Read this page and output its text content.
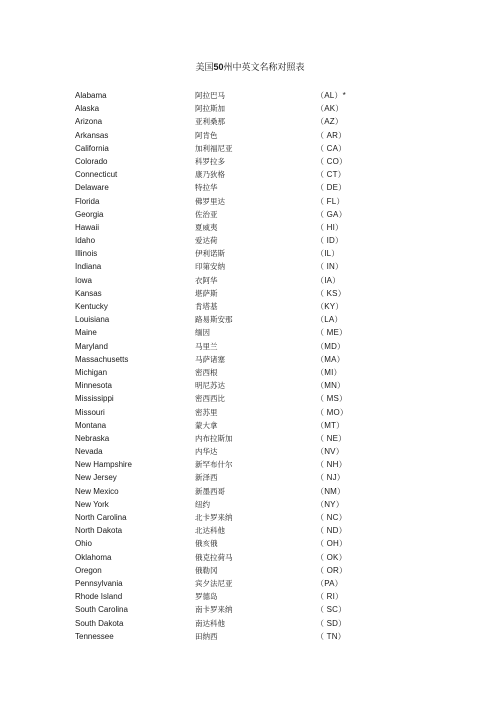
美国50州中英文名称对照表
Alabama	阿拉巴马	（AL）*
Alaska	阿拉斯加	（AK）
Arizona	亚利桑那	（AZ）
Arkansas	阿肯色	（ AR）
California	加利福尼亚	（ CA）
Colorado	科罗拉多	（ CO）
Connecticut	康乃狄格	（ CT）
Delaware	特拉华	（ DE）
Florida	佛罗里达	（ FL）
Georgia	佐治亚	（ GA）
Hawaii	夏威夷	（ HI）
Idaho	爱达荷	（ ID）
Illinois	伊利诺斯	（IL）
Indiana	印第安纳	（ IN）
Iowa	衣阿华	（IA）
Kansas	堪萨斯	（ KS）
Kentucky	肯塔基	（KY）
Louisiana	路易斯安那	（LA）
Maine	缅因	（ ME）
Maryland	马里兰	（MD）
Massachusetts	马萨诸塞	（MA）
Michigan	密西根	（MI）
Minnesota	明尼苏达	（MN）
Mississippi	密西西比	（ MS）
Missouri	密苏里	（ MO）
Montana	蒙大拿	（MT）
Nebraska	内布拉斯加	（ NE）
Nevada	内华达	（NV）
New Hampshire	新罕布什尔	（ NH）
New Jersey	新泽西	（ NJ）
New Mexico	新墨西哥	（NM）
New York	纽约	（NY）
North Carolina	北卡罗来纳	（ NC）
North Dakota	北达科他	（ ND）
Ohio	俄亥俄	（ OH）
Oklahoma	俄克拉荷马	（ OK）
Oregon	俄勒冈	（ OR）
Pennsylvania	宾夕法尼亚	（PA）
Rhode Island	罗德岛	（ RI）
South Carolina	南卡罗来纳	（ SC）
South Dakota	南达科他	（ SD）
Tennessee	田纳西	（ TN）
